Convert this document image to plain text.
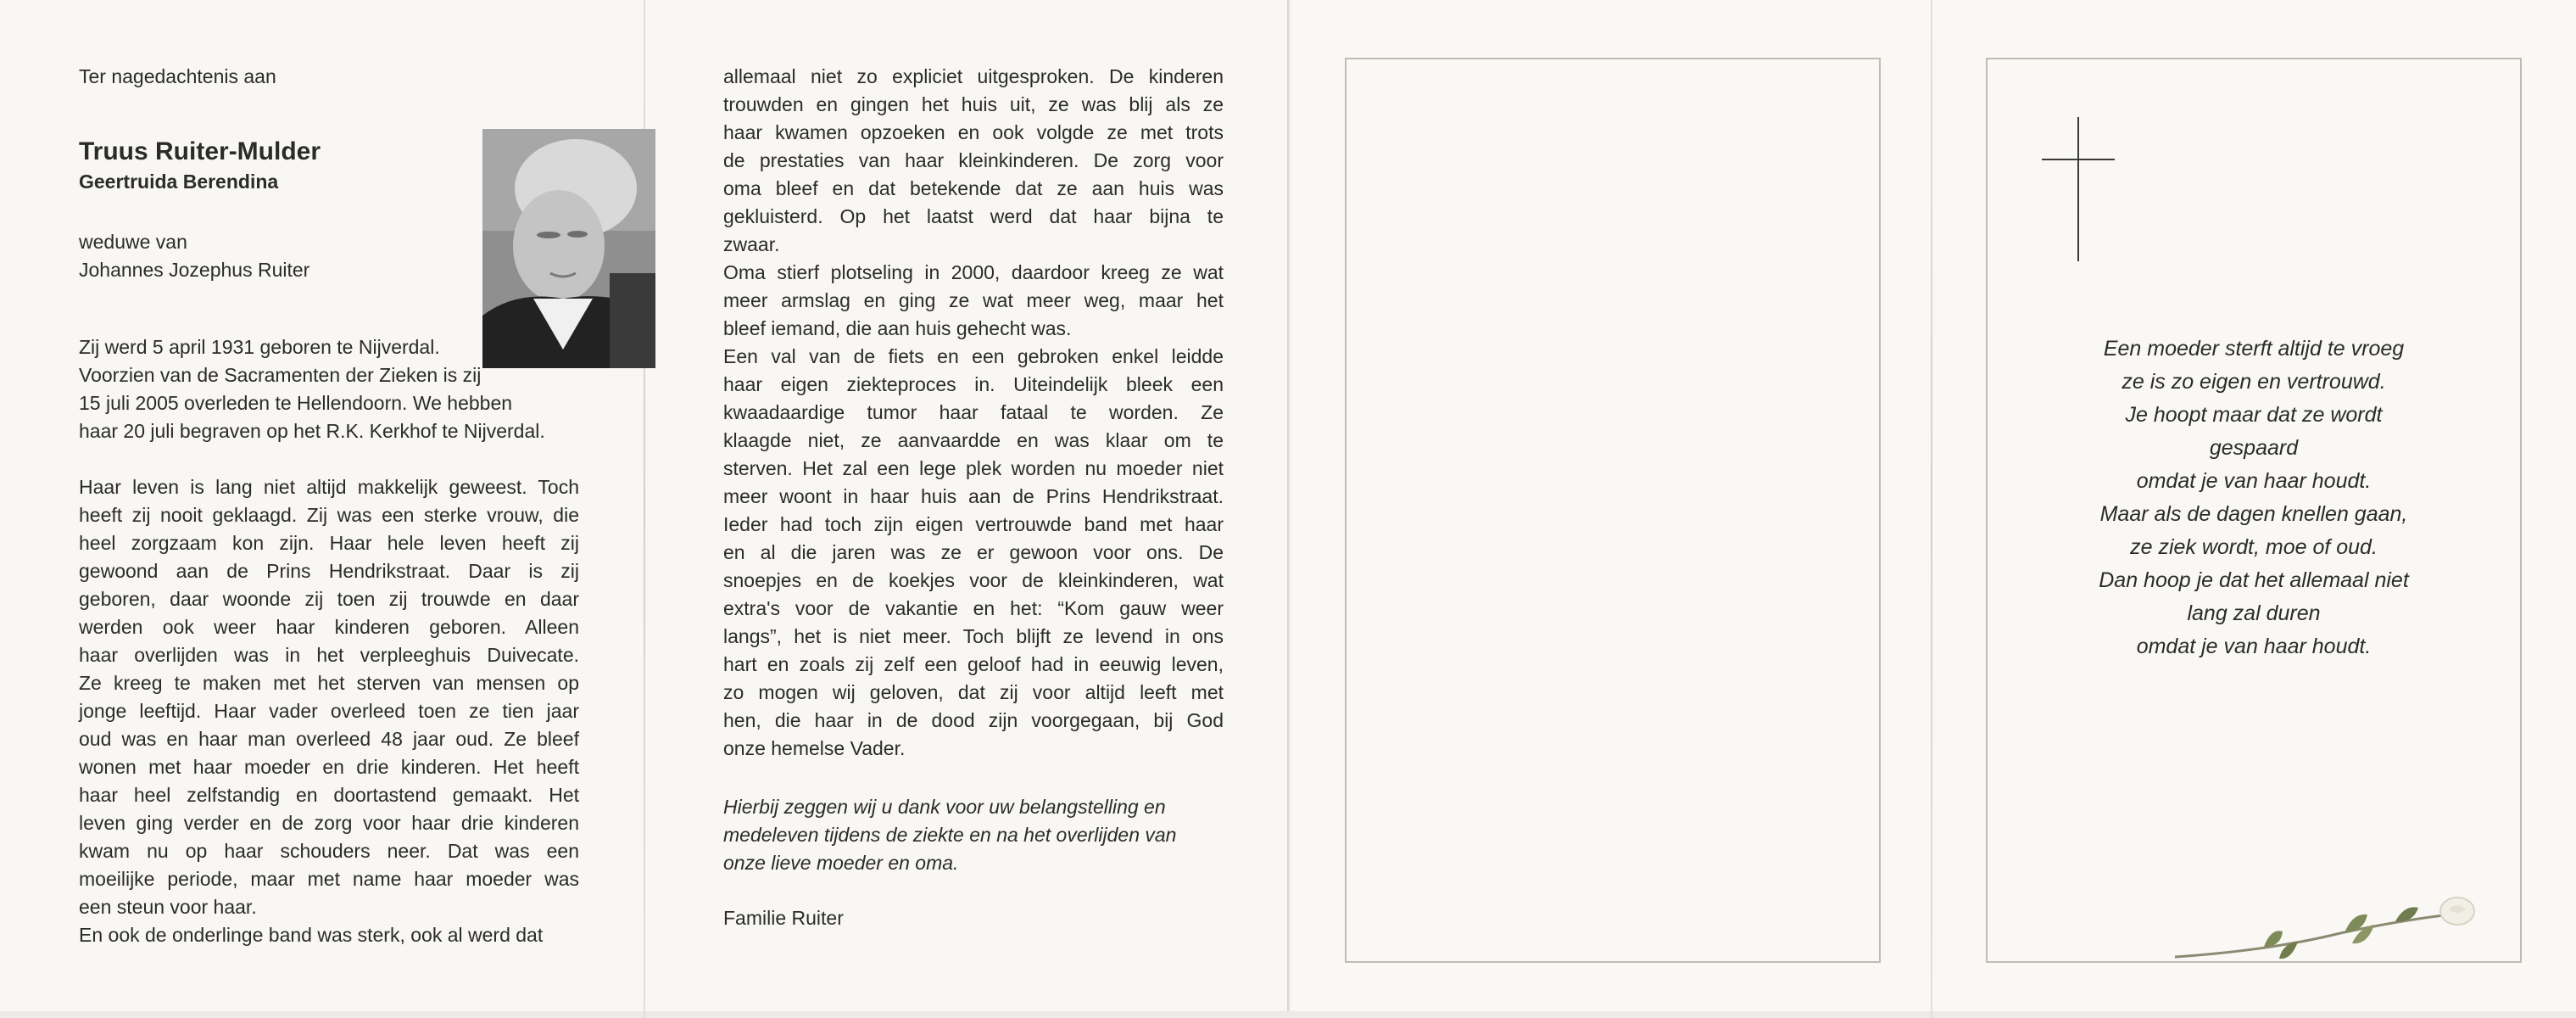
Ter nagedachtenis aan

Truus Ruiter-Mulder
Geertruida Berendina

weduwe van

Johannes Jozephus Ruiter

Zij werd 5 april 1931 geboren te Nijverdal.

Voorzien van de Sacramenten der Zieken is zij

15 juli 2005 overleden te Hellendoorn. We hebben

haar 20 juli begraven op het R.K. Kerkhof te Nijverdal.

Haar leven is lang niet altijd makkelijk geweest. Toch

heeft zij nooit geklaagd. Zij was een sterke vrouw, die

heel zorgzaam kon zijn. Haar hele leven heeft zij

gewoond aan de Prins Hendrikstraat. Daar is zij

geboren, daar woonde zij toen zij trouwde en daar

werden ook weer haar kinderen geboren. Alleen

haar overlijden was in het verpleeghuis Duivecate.

Ze kreeg te maken met het sterven van mensen op

jonge leeftijd. Haar vader overleed toen ze tien jaar

oud was en haar man overleed 48 jaar oud. Ze bleef

wonen met haar moeder en drie kinderen. Het heeft

haar heel zelfstandig en doortastend gemaakt. Het

leven ging verder en de zorg voor haar drie kinderen

kwam nu op haar schouders neer. Dat was een

moeilijke periode, maar met name haar moeder was

een steun voor haar.

En ook de onderlinge band was sterk, ook al werd dat

allemaal niet zo expliciet uitgesproken. De kinderen

trouwden en gingen het huis uit, ze was blij als ze

haar kwamen opzoeken en ook volgde ze met trots

de prestaties van haar kleinkinderen. De zorg voor

oma bleef en dat betekende dat ze aan huis was

gekluisterd. Op het laatst werd dat haar bijna te

zwaar.

Oma stierf plotseling in 2000, daardoor kreeg ze wat

meer armslag en ging ze wat meer weg, maar het

bleef iemand, die aan huis gehecht was.

Een val van de fiets en een gebroken enkel leidde

haar eigen ziekteproces in. Uiteindelijk bleek een

kwaadaardige tumor haar fataal te worden. Ze

klaagde niet, ze aanvaardde en was klaar om te

sterven. Het zal een lege plek worden nu moeder niet

meer woont in haar huis aan de Prins Hendrikstraat.

Ieder had toch zijn eigen vertrouwde band met haar

en al die jaren was ze er gewoon voor ons. De

snoepjes en de koekjes voor de kleinkinderen, wat

extra's voor de vakantie en het: “Kom gauw weer

langs”, het is niet meer. Toch blijft ze levend in ons

hart en zoals zij zelf een geloof had in eeuwig leven,

zo mogen wij geloven, dat zij voor altijd leeft met

hen, die haar in de dood zijn voorgegaan, bij God

onze hemelse Vader.

Hierbij zeggen wij u dank voor uw belangstelling en

medeleven tijdens de ziekte en na het overlijden van

onze lieve moeder en oma.

Familie Ruiter

Een moeder sterft altijd te vroeg

ze is zo eigen en vertrouwd.

Je hoopt maar dat ze wordt

gespaard

omdat je van haar houdt.

Maar als de dagen knellen gaan,

ze ziek wordt, moe of oud.

Dan hoop je dat het allemaal niet

lang zal duren

omdat je van haar houdt.
